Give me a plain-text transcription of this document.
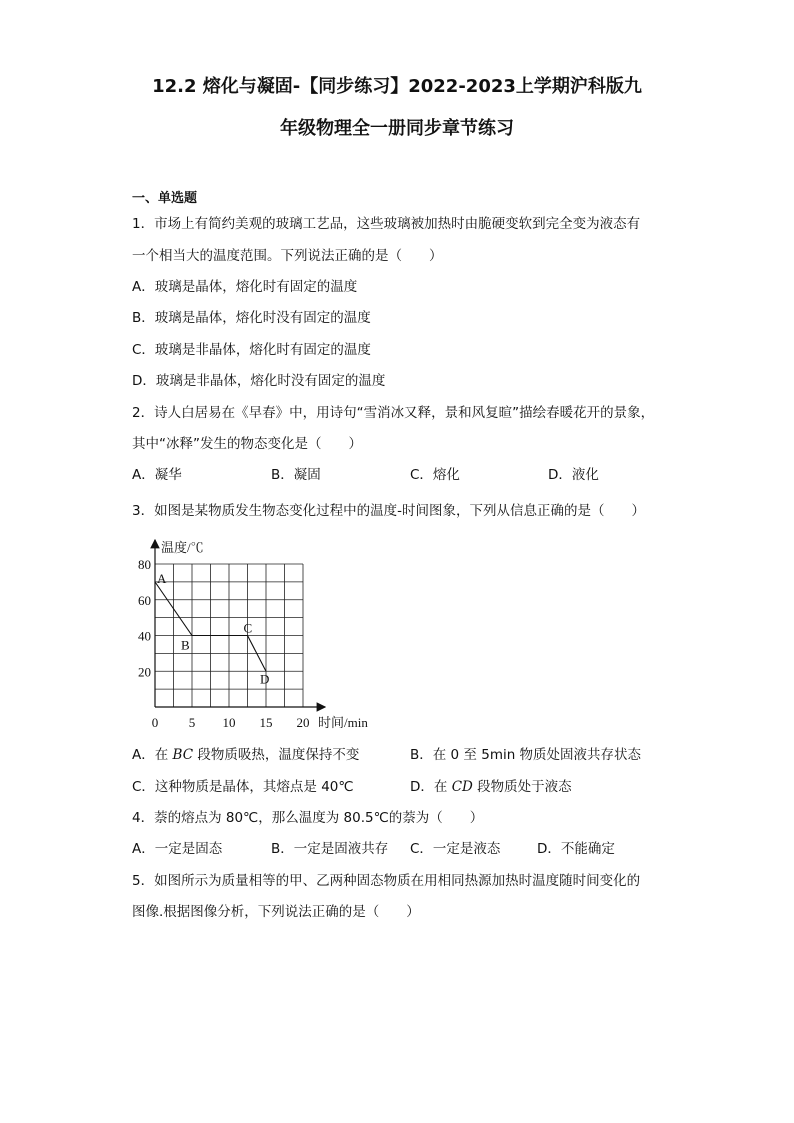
12.2 熔化与凝固-【同步练习】2022-2023上学期沪科版九
年级物理全一册同步章节练习
一、单选题
1．市场上有简约美观的玻璃工艺品，这些玻璃被加热时由脆硬变软到完全变为液态有
一个相当大的温度范围。下列说法正确的是（　　）
A．玻璃是晶体，熔化时有固定的温度
B．玻璃是晶体，熔化时没有固定的温度
C．玻璃是非晶体，熔化时有固定的温度
D．玻璃是非晶体，熔化时没有固定的温度
2．诗人白居易在《早春》中，用诗句“雪消冰又释，景和风复暄”描绘春暖花开的景象，
其中“冰释”发生的物态变化是（　　）
A．凝华	B．凝固	C．熔化	D．液化
3．如图是某物质发生物态变化过程中的温度-时间图象，下列从信息正确的是（　　）
温度/℃
时间/min
0 5 10 15 20
20
40
60
80
A
B
C
D
A．在 BC 段物质吸热，温度保持不变	B．在 0 至 5min 物质处固液共存状态
C．这种物质是晶体，其熔点是 40℃	D．在 CD 段物质处于液态
4．萘的熔点为 80℃，那么温度为 80.5℃的萘为（　　）
A．一定是固态	B．一定是固液共存 C．一定是液态	D．不能确定
5．如图所示为质量相等的甲、乙两种固态物质在用相同热源加热时温度随时间变化的
图像.根据图像分析，下列说法正确的是（　　）
